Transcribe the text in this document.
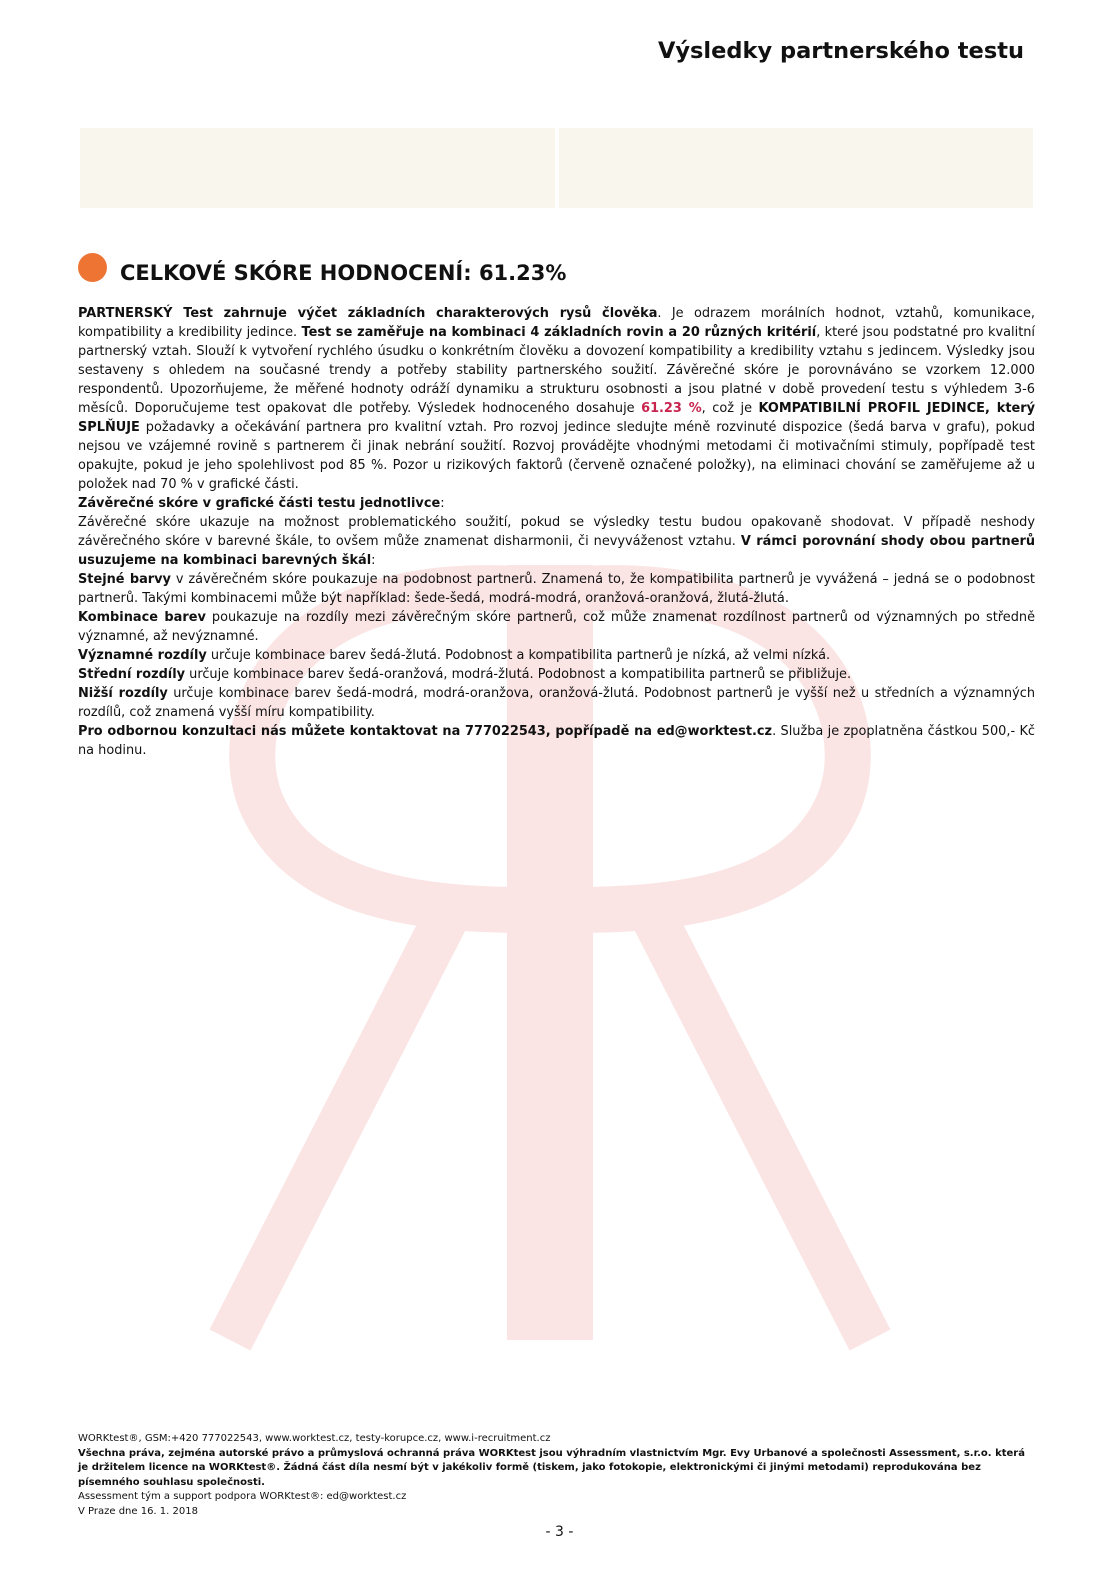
Výsledky partnerského testu
CELKOVÉ SKÓRE HODNOCENÍ: 61.23%

PARTNERSKÝ Test zahrnuje výčet základních charakterových rysů člověka. Je odrazem morálních hodnot, vztahů, komunikace, kompatibility a kredibility jedince. Test se zaměřuje na kombinaci 4 základních rovin a 20 různých kritérií, které jsou podstatné pro kvalitní partnerský vztah. Slouží k vytvoření rychlého úsudku o konkrétním člověku a dovození kompatibility a kredibility vztahu s jedincem. Výsledky jsou sestaveny s ohledem na současné trendy a potřeby stability partnerského soužití. Závěrečné skóre je porovnáváno se vzorkem 12.000 respondentů. Upozorňujeme, že měřené hodnoty odráží dynamiku a strukturu osobnosti a jsou platné v době provedení testu s výhledem 3-6 měsíců. Doporučujeme test opakovat dle potřeby. Výsledek hodnoceného dosahuje 61.23 %, což je KOMPATIBILNÍ PROFIL JEDINCE, který SPLŇUJE požadavky a očekávání partnera pro kvalitní vztah. Pro rozvoj jedince sledujte méně rozvinuté dispozice (šedá barva v grafu), pokud nejsou ve vzájemné rovině s partnerem či jinak nebrání soužití. Rozvoj provádějte vhodnými metodami či motivačními stimuly, popřípadě test opakujte, pokud je jeho spolehlivost pod 85 %. Pozor u rizikových faktorů (červeně označené položky), na eliminaci chování se zaměřujeme až u položek nad 70 % v grafické části.

Závěrečné skóre v grafické části testu jednotlivce:

Závěrečné skóre ukazuje na možnost problematického soužití, pokud se výsledky testu budou opakovaně shodovat. V případě neshody závěrečného skóre v barevné škále, to ovšem může znamenat disharmonii, či nevyváženost vztahu. V rámci porovnání shody obou partnerů usuzujeme na kombinaci barevných škál:

Stejné barvy v závěrečném skóre poukazuje na podobnost partnerů. Znamená to, že kompatibilita partnerů je vyvážená – jedná se o podobnost partnerů. Takými kombinacemi může být například: šede-šedá, modrá-modrá, oranžová-oranžová, žlutá-žlutá.

Kombinace barev poukazuje na rozdíly mezi závěrečným skóre partnerů, což může znamenat rozdílnost partnerů od významných po středně významné, až nevýznamné.

Významné rozdíly určuje kombinace barev šedá-žlutá. Podobnost a kompatibilita partnerů je nízká, až velmi nízká.

Střední rozdíly určuje kombinace barev šedá-oranžová, modrá-žlutá. Podobnost a kompatibilita partnerů se přibližuje.

Nižší rozdíly určuje kombinace barev šedá-modrá, modrá-oranžova, oranžová-žlutá. Podobnost partnerů je vyšší než u středních a významných rozdílů, což znamená vyšší míru kompatibility.

Pro odbornou konzultaci nás můžete kontaktovat na 777022543, popřípadě na ed@worktest.cz. Služba je zpoplatněna částkou 500,- Kč na hodinu.

WORKtest®, GSM:+420 777022543, www.worktest.cz, testy-korupce.cz, www.i-recruitment.cz

Všechna práva, zejména autorské právo a průmyslová ochranná práva WORKtest jsou výhradním vlastnictvím Mgr. Evy Urbanové a společnosti Assessment, s.r.o. která je držitelem licence na WORKtest®. Žádná část díla nesmí být v jakékoliv formě (tiskem, jako fotokopie, elektronickými či jinými metodami) reprodukována bez písemného souhlasu společnosti.

Assessment tým a support podpora WORKtest®: ed@worktest.cz

V Praze dne 16. 1. 2018

- 3 -
